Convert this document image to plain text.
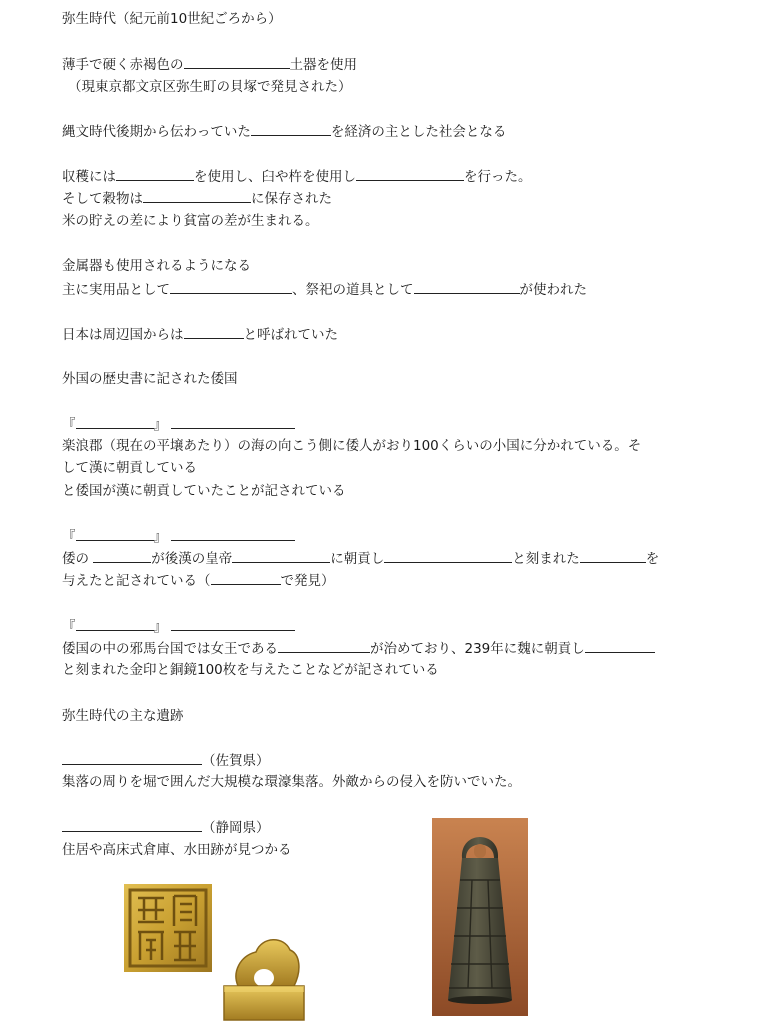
弥生時代（紀元前10世紀ごろから）
薄手で硬く赤褐色の	土器を使用
（現東京都文京区弥生町の貝塚で発見された）
縄文時代後期から伝わっていた	を経済の主とした社会となる
収穫には	を使用し、臼や杵を使用し	を行った。
そして穀物は	に保存された
米の貯えの差により貧富の差が生まれる。
金属器も使用されるようになる
主に実用品として	、祭祀の道具として	が使われた
日本は周辺国からは	と呼ばれていた
外国の歴史書に記された倭国
『	』
楽浪郡（現在の平壌あたり）の海の向こう側に倭人がおり100くらいの小国に分かれている。そ
して漢に朝貢している
と倭国が漢に朝貢していたことが記されている
『	』
倭の	が後漢の皇帝	に朝貢し	と刻まれた	を
与えたと記されている（	で発見）
『	』
倭国の中の邪馬台国では女王である	が治めており、239年に魏に朝貢し
と刻まれた金印と銅鏡100枚を与えたことなどが記されている
弥生時代の主な遺跡
（佐賀県）
集落の周りを堀で囲んだ大規模な環濠集落。外敵からの侵入を防いでいた。
（静岡県）
住居や高床式倉庫、水田跡が見つかる
